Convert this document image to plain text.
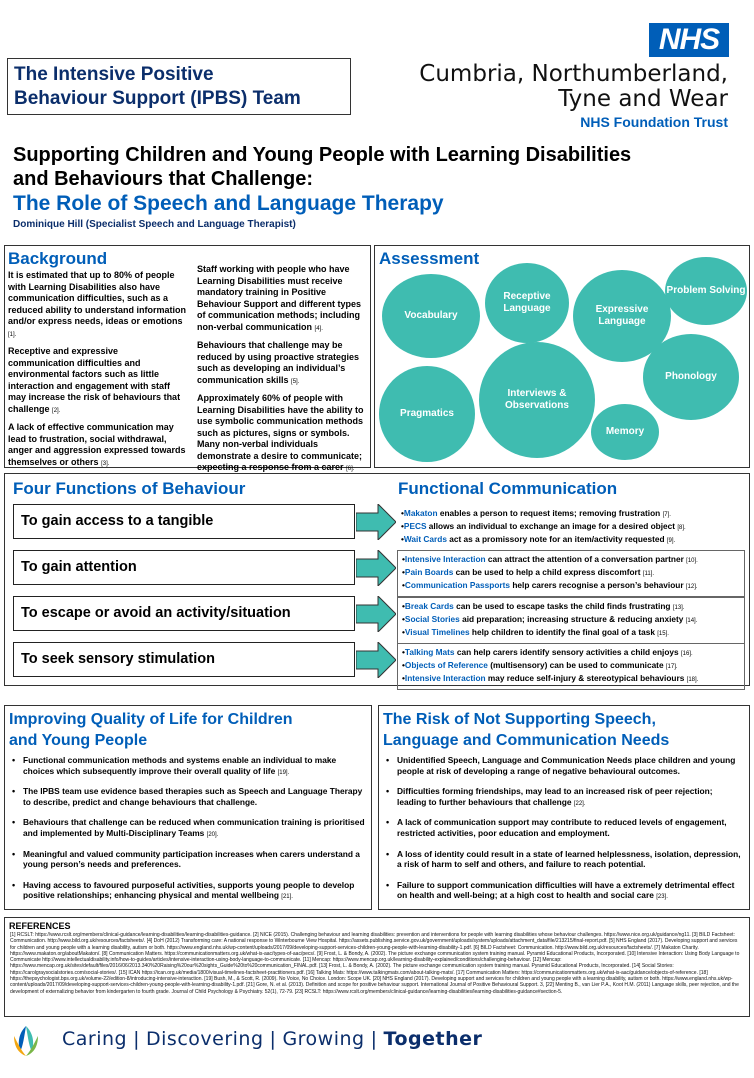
The Intensive Positive
Behaviour Support (IPBS) Team
NHS
Cumbria, Northumberland,
Tyne and Wear
NHS Foundation Trust
Supporting Children and Young People with Learning Disabilities
and Behaviours that Challenge:
The Role of Speech and Language Therapy
Dominique Hill (Specialist Speech and Language Therapist)
Background

It is estimated that up to 80% of people with Learning Disabilities also have communication difficulties, such as a reduced ability to understand information and/or express needs, ideas or emotions [1].

Receptive and expressive communication difficulties and environmental factors such as little interaction and engagement with staff may increase the risk of behaviours that challenge [2].

A lack of effective communication may lead to frustration, social withdrawal, anger and aggression expressed towards themselves or others [3].

Staff working with people who have Learning Disabilities must receive mandatory training in Positive Behaviour Support and different types of communication methods; including non-verbal communication [4].

Behaviours that challenge may be reduced by using proactive strategies such as developing an individual’s communication skills [5].

Approximately 60% of people with Learning Disabilities have the ability to use symbolic communication methods such as pictures, signs or symbols. Many non-verbal individuals demonstrate a desire to communicate; expecting a response from a carer [6].

Assessment
Vocabulary
Receptive Language	Expressive Language
Problem Solving
Pragmatics
Interviews & Observations
Memory
Phonology
Four Functions of Behaviour	Functional Communication
To gain access to a tangible
To gain attention
To escape or avoid an activity/situation
To seek sensory stimulation
•Makaton enables a person to request items; removing frustration [7].
•PECS allows an individual to exchange an image for a desired object [8].
•Wait Cards act as a promissory note for an item/activity requested [9].
•Intensive Interaction can attract the attention of a conversation partner [10].
•Pain Boards can be used to help a child express discomfort [11].
•Communication Passports help carers recognise a person’s behaviour [12].
•Break Cards can be used to escape tasks the child finds frustrating [13].
•Social Stories aid preparation; increasing structure & reducing anxiety [14].
•Visual Timelines help children to identify the final goal of a task [15].
•Talking Mats can help carers identify sensory activities a child enjoys [16].
•Objects of Reference (multisensory) can be used to communicate [17].
•Intensive Interaction may reduce self-injury & stereotypical behaviours [18].
Improving Quality of Life for Children
and Young People
• Functional communication methods and systems enable an individual to make choices which subsequently improve their overall quality of life [19].
• The IPBS team use evidence based therapies such as Speech and Language Therapy to describe, predict and change behaviours that challenge.
• Behaviours that challenge can be reduced when communication training is prioritised and implemented by Multi-Disciplinary Teams [20].
• Meaningful and valued community participation increases when carers understand a young person’s needs and preferences.
• Having access to favoured purposeful activities, supports young people to develop positive relationships; enhancing physical and mental wellbeing [21].
The Risk of Not Supporting Speech,
Language and Communication Needs
• Unidentified Speech, Language and Communication Needs place children and young people at risk of developing a range of negative behavioural outcomes.
• Difficulties forming friendships, may lead to an increased risk of peer rejection; leading to further behaviours that challenge [22].
• A lack of communication support may contribute to reduced levels of engagement, restricted activities, poor education and employment.
• A loss of identity could result in a state of learned helplessness, isolation, depression, a risk of harm to self and others, and failure to reach potential.
• Failure to support communication difficulties will have a extremely detrimental effect on health and well-being; at a high cost to health and social care [23].
REFERENCES
[1] RCSLT: https://www.rcslt.org/members/clinical-guidance/learning-disabilities/learning-disabilities-guidance. [2] NICE (2015). Challenging behaviour and learning disabilities: prevention and interventions for people with learning disabilities whose behaviour challenges. https://www.nice.org.uk/guidance/ng11. [3] BILD Factsheet: Communication. http://www.bild.org.uk/resources/factsheets/. [4] DoH (2012) Transforming care: A national response to Winterbourne View Hospital. https://assets.publishing.service.gov.uk/government/uploads/system/uploads/attachment_data/file/213215/final-report.pdf. [5] NHS England (2017). Developing support and services for children and young people with a learning disability, autism or both. https://www.england.nhs.uk/wp-content/uploads/2017/09/developing-support-services-children-young-people-with-learning-disability-1.pdf. [6] BILD Factsheet: Communication. http://www.bild.org.uk/resources/factsheets/. [7] Makaton Charity. https://www.makaton.org/aboutMakaton/. [8] Communication Matters. https://communicationmatters.org.uk/what-is-aac/types-of-aac/pecs/. [9] Frost, L. & Bondy, A. (2002). The picture exchange communication system training manual. Pyramid Educational Products, Incorporated. [10] Intensive Interaction: Using Body Language to Communicate http://www.intellectualdisability.info/how-to-guides/articles/intensive-interaction-using-body-language-to-communicate. [11] Mencap: https://www.mencap.org.uk/learning-disability-explained/conditions/challenging-behaviour. [12] Mencap: https://www.mencap.org.uk/sites/default/files/2016/06/2013.340%20Raising%20our%20sights_Guide%20to%20communication_FINAL.pdf. [13] Frost, L. & Bondy, A. (2002). The picture exchange communication system training manual. Pyramid Educational Products, Incorporated. [14] Social Stories: https://carolgraysocialstories.com/social-stories/. [15] ICAN https://ican.org.uk/media/1800/visual-timelines-factsheet-practitioners.pdf. [16] Talking Mats: https://www.talkingmats.com/about-talking-mats/. [17] Communication Matters: https://communicationmatters.org.uk/what-is-aac/guidance/objects-of-reference. [18] https://thepsychologist.bps.org.uk/volume-22/edition-8/introducing-intensive-interaction. [19] Bush, M., & Scott, R. (2009). No Voice, No Choice. London: Scope UK. [20] NHS England (2017). Developing support and services for children and young people with a learning disability, autism or both. https://www.england.nhs.uk/wp-content/uploads/2017/09/developing-support-services-children-young-people-with-learning-disability-1.pdf. [21] Gore, N. et al. (2013). Definition and scope for positive behaviour support. International Journal of Positive Behavioural Support. 3, [22] Menting B., van Lier P.A., Koot H.M. (2011) Language skills, peer rejection, and the development of externalizing behavior from kindergarten to fourth grade. Journal of Child Psychology & Psychiatry. 52(1), 72-79. [23] RCSLT: https://www.rcslt.org/members/clinical-guidance/learning-disabilities/learning-disabilities-guidance#section-5.
Caring | Discovering | Growing | Together
